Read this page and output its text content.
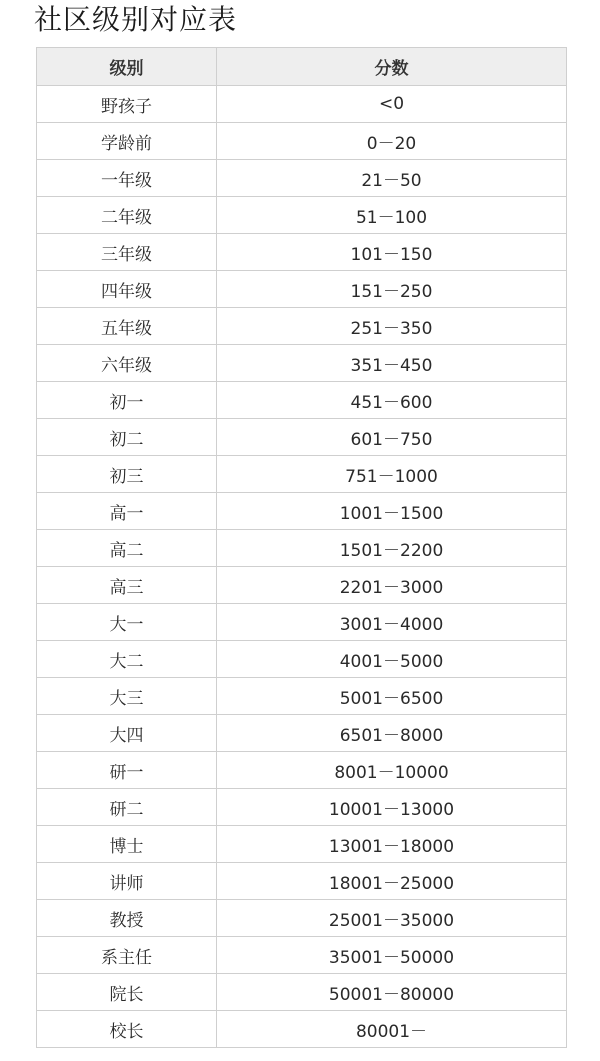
社区级别对应表
级别	分数
野孩子	<0
学龄前	0－20
一年级	21－50
二年级	51－100
三年级	101－150
四年级	151－250
五年级	251－350
六年级	351－450
初一	451－600
初二	601－750
初三	751－1000
高一	1001－1500
高二	1501－2200
高三	2201－3000
大一	3001－4000
大二	4001－5000
大三	5001－6500
大四	6501－8000
研一	8001－10000
研二	10001－13000
博士	13001－18000
讲师	18001－25000
教授	25001－35000
系主任	35001－50000
院长	50001－80000
校长	80001－
